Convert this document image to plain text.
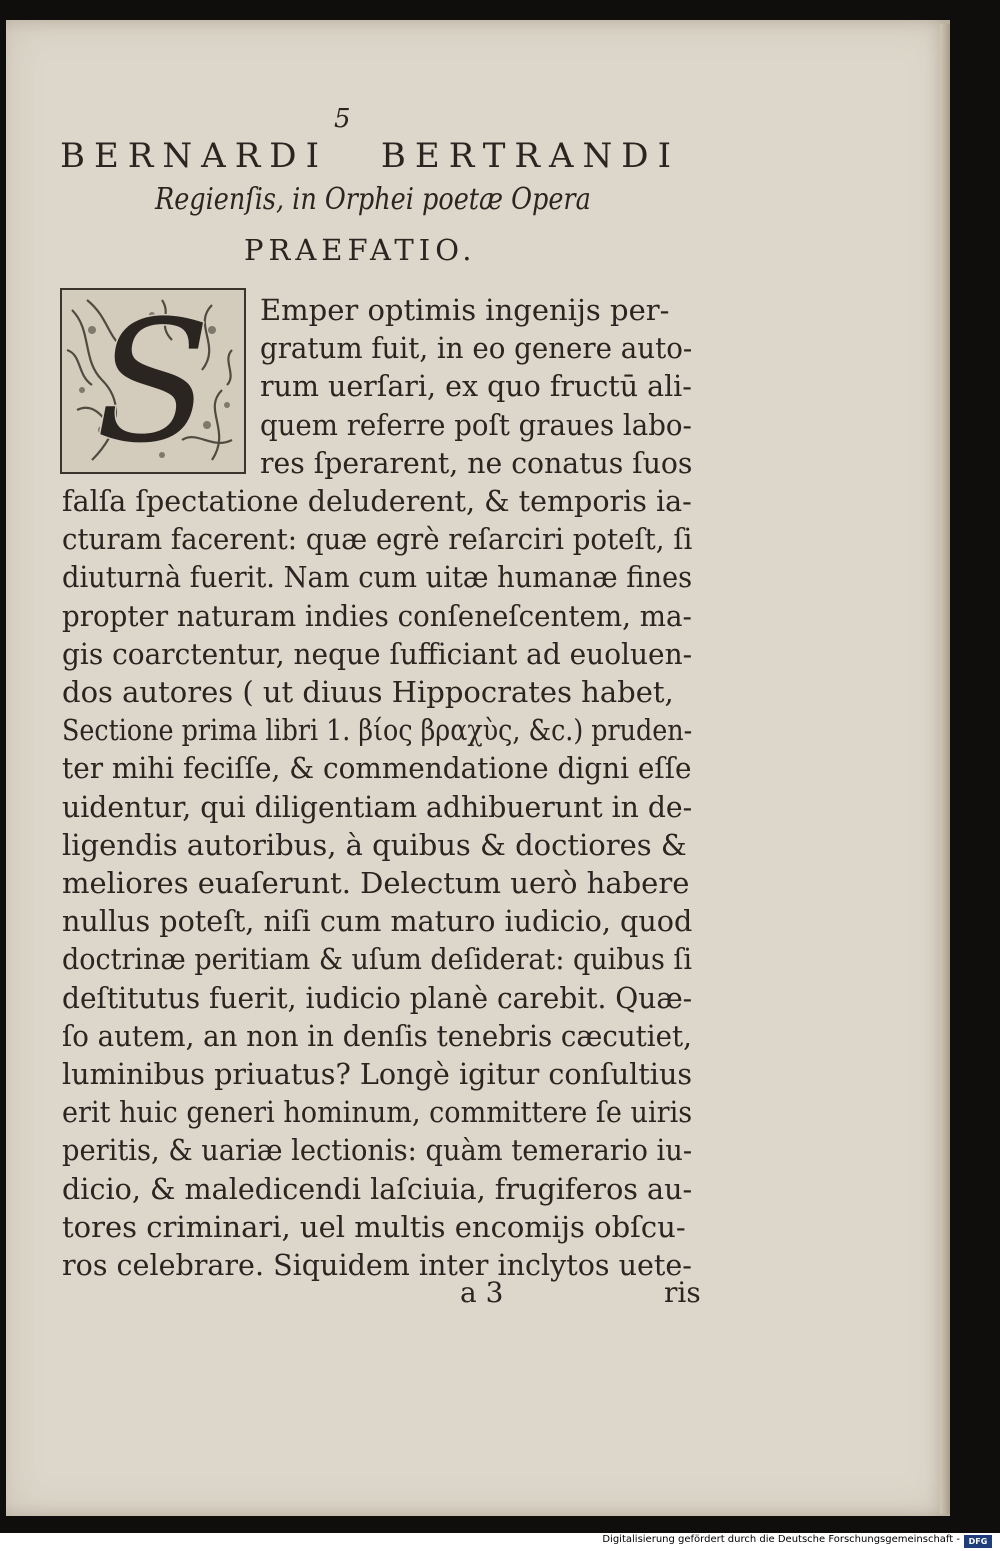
5
BERNARDI BERTRANDI
Regienſis, in Orphei poetæ Opera
PRAEFATIO.
S Emper optimis ingenijs per-
gratum fuit, in eo genere auto-
rum uerſari, ex quo fructū ali-
quem referre poſt graues labo-
res ſperarent, ne conatus ſuos
falſa ſpectatione deluderent, & temporis ia-
cturam facerent: quæ egrè reſarciri poteſt, ſi
diuturnà fuerit. Nam cum uitæ humanæ fines
propter naturam indies conſeneſcentem, ma-
gis coarctentur, neque ſufficiant ad euoluen-
dos autores ( ut diuus Hippocrates habet,
Sectione prima libri 1. βίος βραχὺς, &c.) pruden-
ter mihi feciſſe, & commendatione digni eſſe
uidentur, qui diligentiam adhibuerunt in de-
ligendis autoribus, à quibus & doctiores &
meliores euaſerunt. Delectum uerò habere
nullus poteſt, niſi cum maturo iudicio, quod
doctrinæ peritiam & uſum deſiderat: quibus ſi
deſtitutus fuerit, iudicio planè carebit. Quæ-
ſo autem, an non in denſis tenebris cæcutiet,
luminibus priuatus? Longè igitur conſultius
erit huic generi hominum, committere ſe uiris
peritis, & uariæ lectionis: quàm temerario iu-
dicio, & maledicendi laſciuia, frugiferos au-
tores criminari, uel multis encomijs obſcu-
ros celebrare. Siquidem inter inclytos uete-
a 3	ris
Digitalisierung gefördert durch die Deutsche Forschungsgemeinschaft -	DFG
